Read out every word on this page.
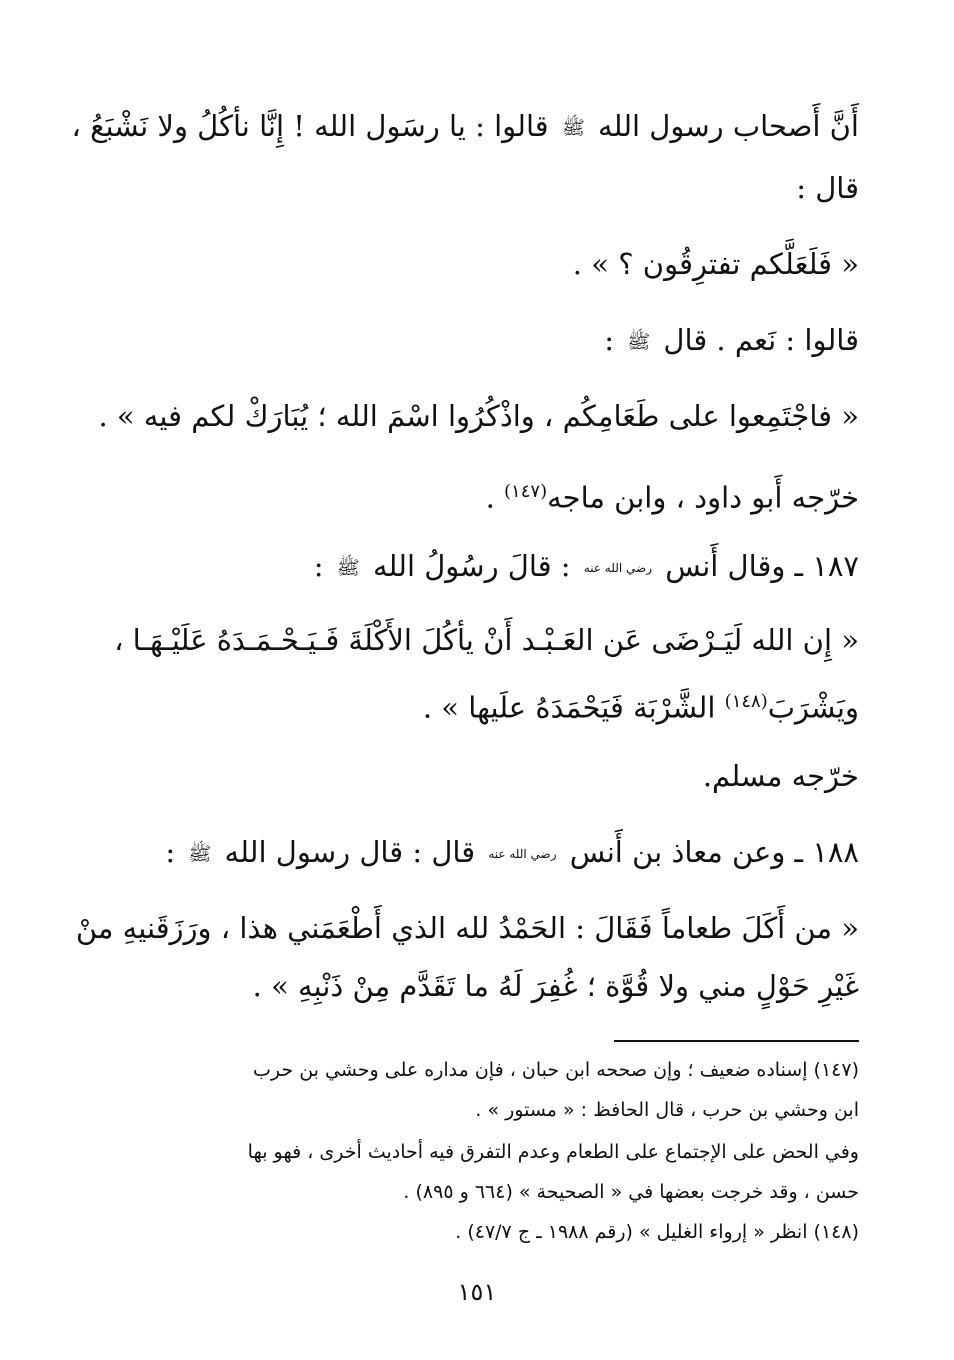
أَنَّ أَصحاب رسول الله ﷺ قالوا : يا رسَول الله ! إِنَّا نأكُلُ ولا نَشْبَعُ ،
قال :
« فَلَعَلَّكم تفترِقُون ؟ » .
قالوا : نَعم . قال ﷺ :
« فاجْتَمِعوا على طَعَامِكُم ، واذْكُرُوا اسْمَ الله ؛ يُبَارَكْ لكم فيه » .
خرّجه أَبو داود ، وابن ماجه$^{(١٤٧)}$ .
١٨٧ ـ وقال أَنس رضي الله عنه : قالَ رسُولُ الله ﷺ :
« إِن الله لَيَـرْضَى عَن العَـبْـد أَنْ يأكُلَ الأَكْلَةَ فَـيَـحْـمَـدَهُ عَلَيْـهَـا ،
ويَشْرَبَ$^{(١٤٨)}$ الشَّرْبَة فَيَحْمَدَهُ علَيها » .
خرّجه مسلم.
١٨٨ ـ وعن معاذ بن أَنس رضي الله عنه قال : قال رسول الله ﷺ :
« من أَكَلَ طعاماً فَقَالَ : الحَمْدُ لله الذي أَطْعَمَني هذا ، ورَزَقَنيهِ منْ
غَيْرِ حَوْلٍ مني ولا قُوَّة ؛ غُفِرَ لَهُ ما تَقَدَّم مِنْ ذَنْبِهِ » .
(١٤٧) إسناده ضعيف ؛ وإن صححه ابن حبان ، فإن مداره على وحشي بن حرب
ابن وحشي بن حرب ، قال الحافظ : « مستور » .
وفي الحض على الإجتماع على الطعام وعدم التفرق فيه أحاديث أخرى ، فهو بها
حسن ، وقد خرجت بعضها في « الصحيحة » (٦٦٤ و ٨٩٥) .
(١٤٨) انظر « إرواء الغليل » (رقم ١٩٨٨ ـ ج ٤٧/٧) .
١٥١
